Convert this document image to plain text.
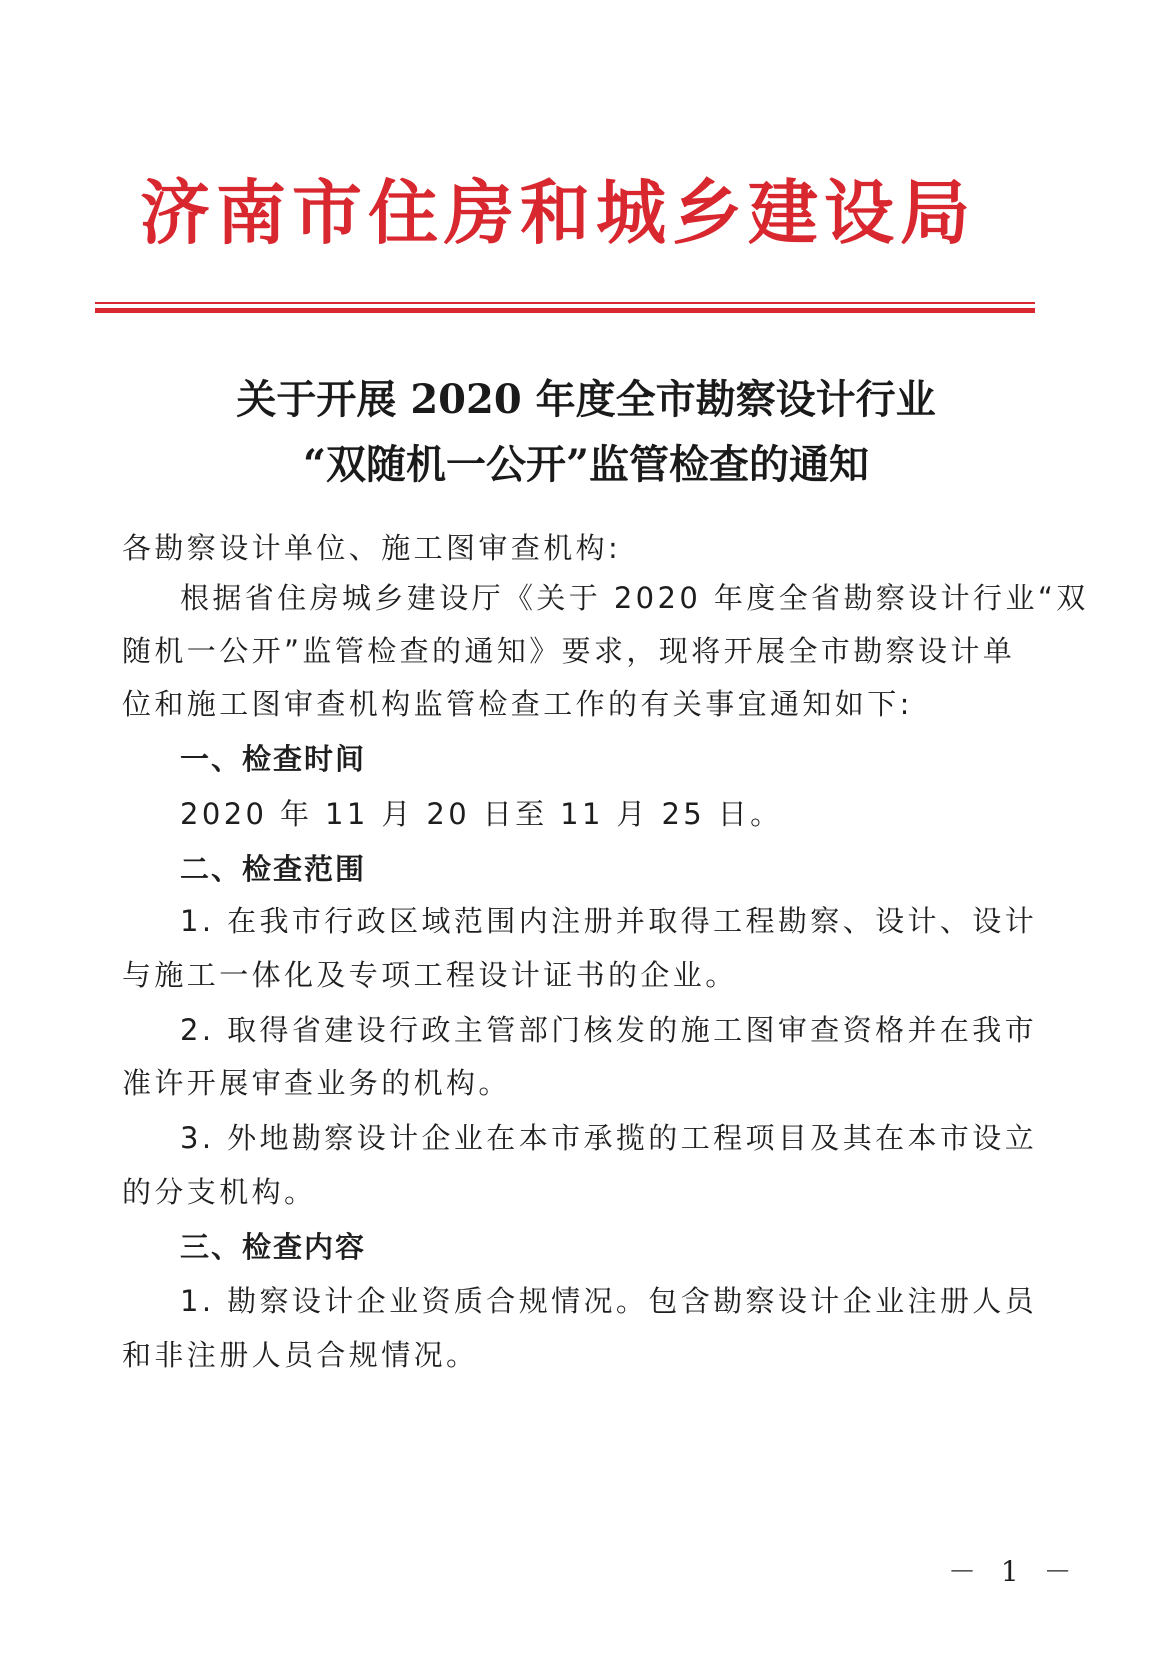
济南市住房和城乡建设局
关于开展 2020 年度全市勘察设计行业
“双随机一公开”监管检查的通知
各勘察设计单位、施工图审查机构:
根据省住房城乡建设厅《关于 2020 年度全省勘察设计行业“双
随机一公开”监管检查的通知》要求，现将开展全市勘察设计单
位和施工图审查机构监管检查工作的有关事宜通知如下:
一、检查时间
2020 年 11 月 20 日至 11 月 25 日。
二、检查范围
1. 在我市行政区域范围内注册并取得工程勘察、设计、设计
与施工一体化及专项工程设计证书的企业。
2. 取得省建设行政主管部门核发的施工图审查资格并在我市
准许开展审查业务的机构。
3. 外地勘察设计企业在本市承揽的工程项目及其在本市设立
的分支机构。
三、检查内容
1. 勘察设计企业资质合规情况。包含勘察设计企业注册人员
和非注册人员合规情况。
－ 1 －
